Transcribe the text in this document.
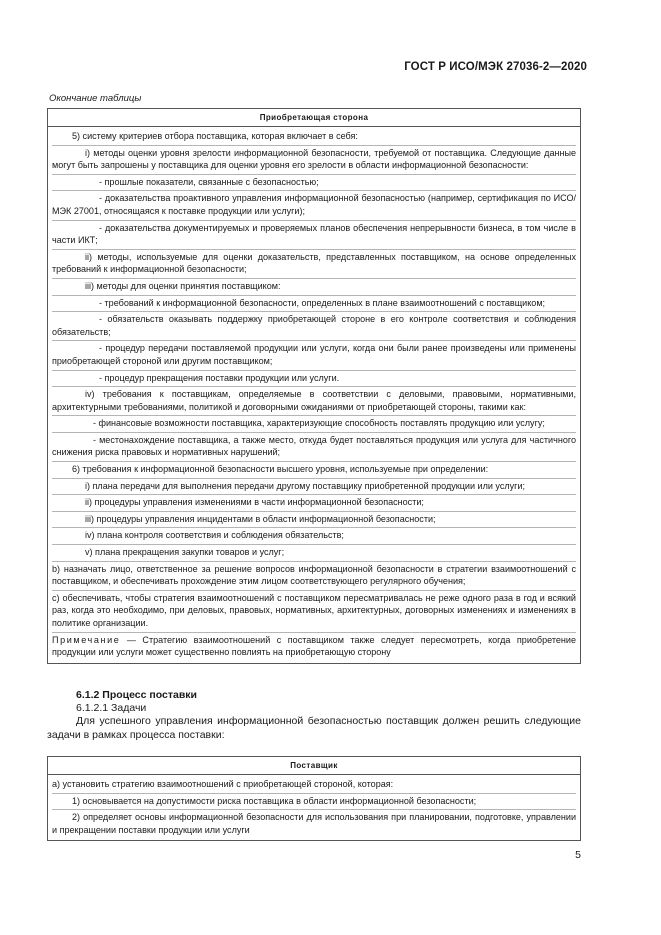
ГОСТ Р ИСО/МЭК 27036-2—2020
Окончание таблицы
Приобретающая сторона

5) систему критериев отбора поставщика, которая включает в себя:

i) методы оценки уровня зрелости информационной безопасности, требуемой от поставщика. Следующие данные могут быть запрошены у поставщика для оценки уровня его зрелости в области информационной безопасности:

- прошлые показатели, связанные с безопасностью;

- доказательства проактивного управления информационной безопасностью (например, сертификация по ИСО/МЭК 27001, относящаяся к поставке продукции или услуги);

- доказательства документируемых и проверяемых планов обеспечения непрерывности бизнеса, в том числе в части ИКТ;

ii) методы, используемые для оценки доказательств, представленных поставщиком, на основе определенных требований к информационной безопасности;

iii) методы для оценки принятия поставщиком:

- требований к информационной безопасности, определенных в плане взаимоотношений с поставщиком;

- обязательств оказывать поддержку приобретающей стороне в его контроле соответствия и соблюдения обязательств;

- процедур передачи поставляемой продукции или услуги, когда они были ранее произведены или применены приобретающей стороной или другим поставщиком;

- процедур прекращения поставки продукции или услуги.

iv) требования к поставщикам, определяемые в соответствии с деловыми, правовыми, нормативными, архитектурными требованиями, политикой и договорными ожиданиями от приобретающей стороны, такими как:

- финансовые возможности поставщика, характеризующие способность поставлять продукцию или услугу;

- местонахождение поставщика, а также место, откуда будет поставляться продукция или услуга для частичного снижения риска правовых и нормативных нарушений;

6) требования к информационной безопасности высшего уровня, используемые при определении:

i) плана передачи для выполнения передачи другому поставщику приобретенной продукции или услуги;

ii) процедуры управления изменениями в части информационной безопасности;

iii) процедуры управления инцидентами в области информационной безопасности;

iv) плана контроля соответствия и соблюдения обязательств;

v) плана прекращения закупки товаров и услуг;

b) назначать лицо, ответственное за решение вопросов информационной безопасности в стратегии взаимоотношений с поставщиком, и обеспечивать прохождение этим лицом соответствующего регулярного обучения;

c) обеспечивать, чтобы стратегия взаимоотношений с поставщиком пересматривалась не реже одного раза в год и всякий раз, когда это необходимо, при деловых, правовых, нормативных, архитектурных, договорных изменениях и изменениях в политике организации.

Примечание — Стратегию взаимоотношений с поставщиком также следует пересмотреть, когда приобретение продукции или услуги может существенно повлиять на приобретающую сторону

6.1.2 Процесс поставки
6.1.2.1 Задачи
Для успешного управления информационной безопасностью поставщик должен решить следующие задачи в рамках процесса поставки:
Поставщик

a) установить стратегию взаимоотношений с приобретающей стороной, которая:

1) основывается на допустимости риска поставщика в области информационной безопасности;

2) определяет основы информационной безопасности для использования при планировании, подготовке, управлении и прекращении поставки продукции или услуги

5
